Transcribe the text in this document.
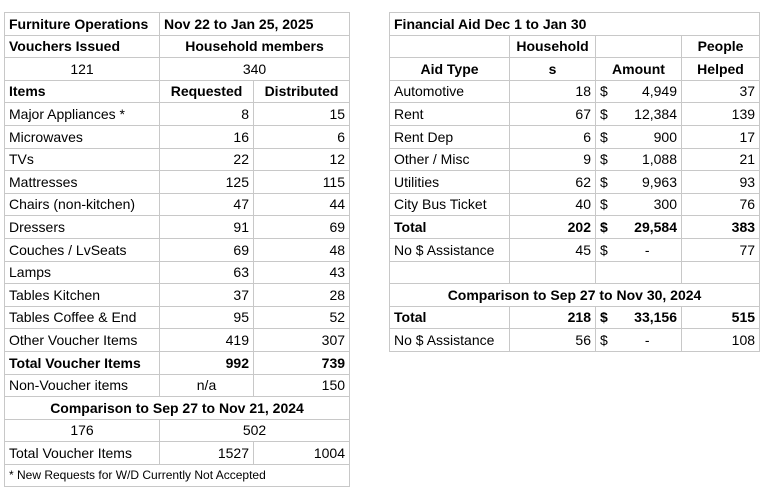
Furniture Operations	Nov 22 to Jan 25, 2025	
Vouchers Issued	Household members	
121	340	
Items	Requested	Distributed
Major Appliances *	8	15
Microwaves	16	6
TVs	22	12
Mattresses	125	115
Chairs (non-kitchen)	47	44
Dressers	91	69
Couches / LvSeats	69	48
Lamps	63	43
Tables Kitchen	37	28
Tables Coffee & End	95	52
Other Voucher Items	419	307
Total Voucher Items	992	739
Non-Voucher items	n/a	150
Comparison to Sep 27 to Nov 21, 2024		
176	502	
Total Voucher Items	1527	1004
* New Requests for W/D Currently Not Accepted		
Financial Aid Dec 1 to Jan 30				
	Household			People
Aid Type	s	Amount		Helped
Automotive	18	$	4,949	37
Rent	67	$	12,384	139
Rent Dep	6	$	900	17
Other / Misc	9	$	1,088	21
Utilities	62	$	9,963	93
City Bus Ticket	40	$	300	76
Total	202	$	29,584	383
No $ Assistance	45	$	-	77

Comparison to Sep 27 to Nov 30, 2024				
Total	218	$	33,156	515
No $ Assistance	56	$	-	108
